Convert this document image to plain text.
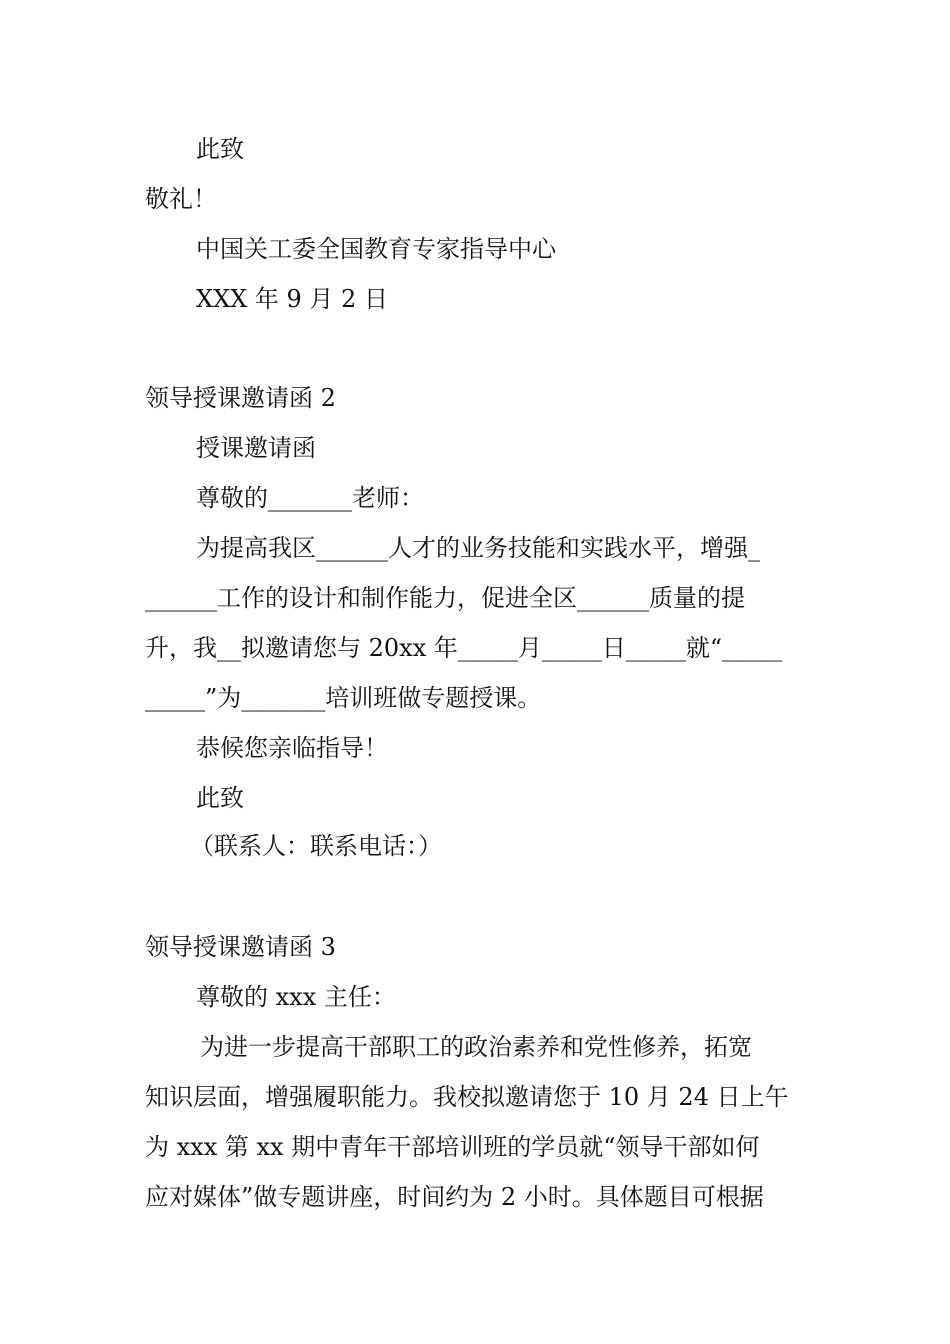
此致
敬礼！
中国关工委全国教育专家指导中心
XXX 年 9 月 2 日
领导授课邀请函 2
授课邀请函
尊敬的_______老师：
为提高我区______人才的业务技能和实践水平，增强_
______工作的设计和制作能力，促进全区______质量的提
升，我__拟邀请您与 20xx 年_____月_____日_____就“_____
_____”为_______培训班做专题授课。
恭候您亲临指导！
此致
（联系人：联系电话：）
领导授课邀请函 3
尊敬的 xxx 主任：
为进一步提高干部职工的政治素养和党性修养，拓宽
知识层面，增强履职能力。我校拟邀请您于 10 月 24 日上午
为 xxx 第 xx 期中青年干部培训班的学员就“领导干部如何
应对媒体”做专题讲座，时间约为 2 小时。具体题目可根据
